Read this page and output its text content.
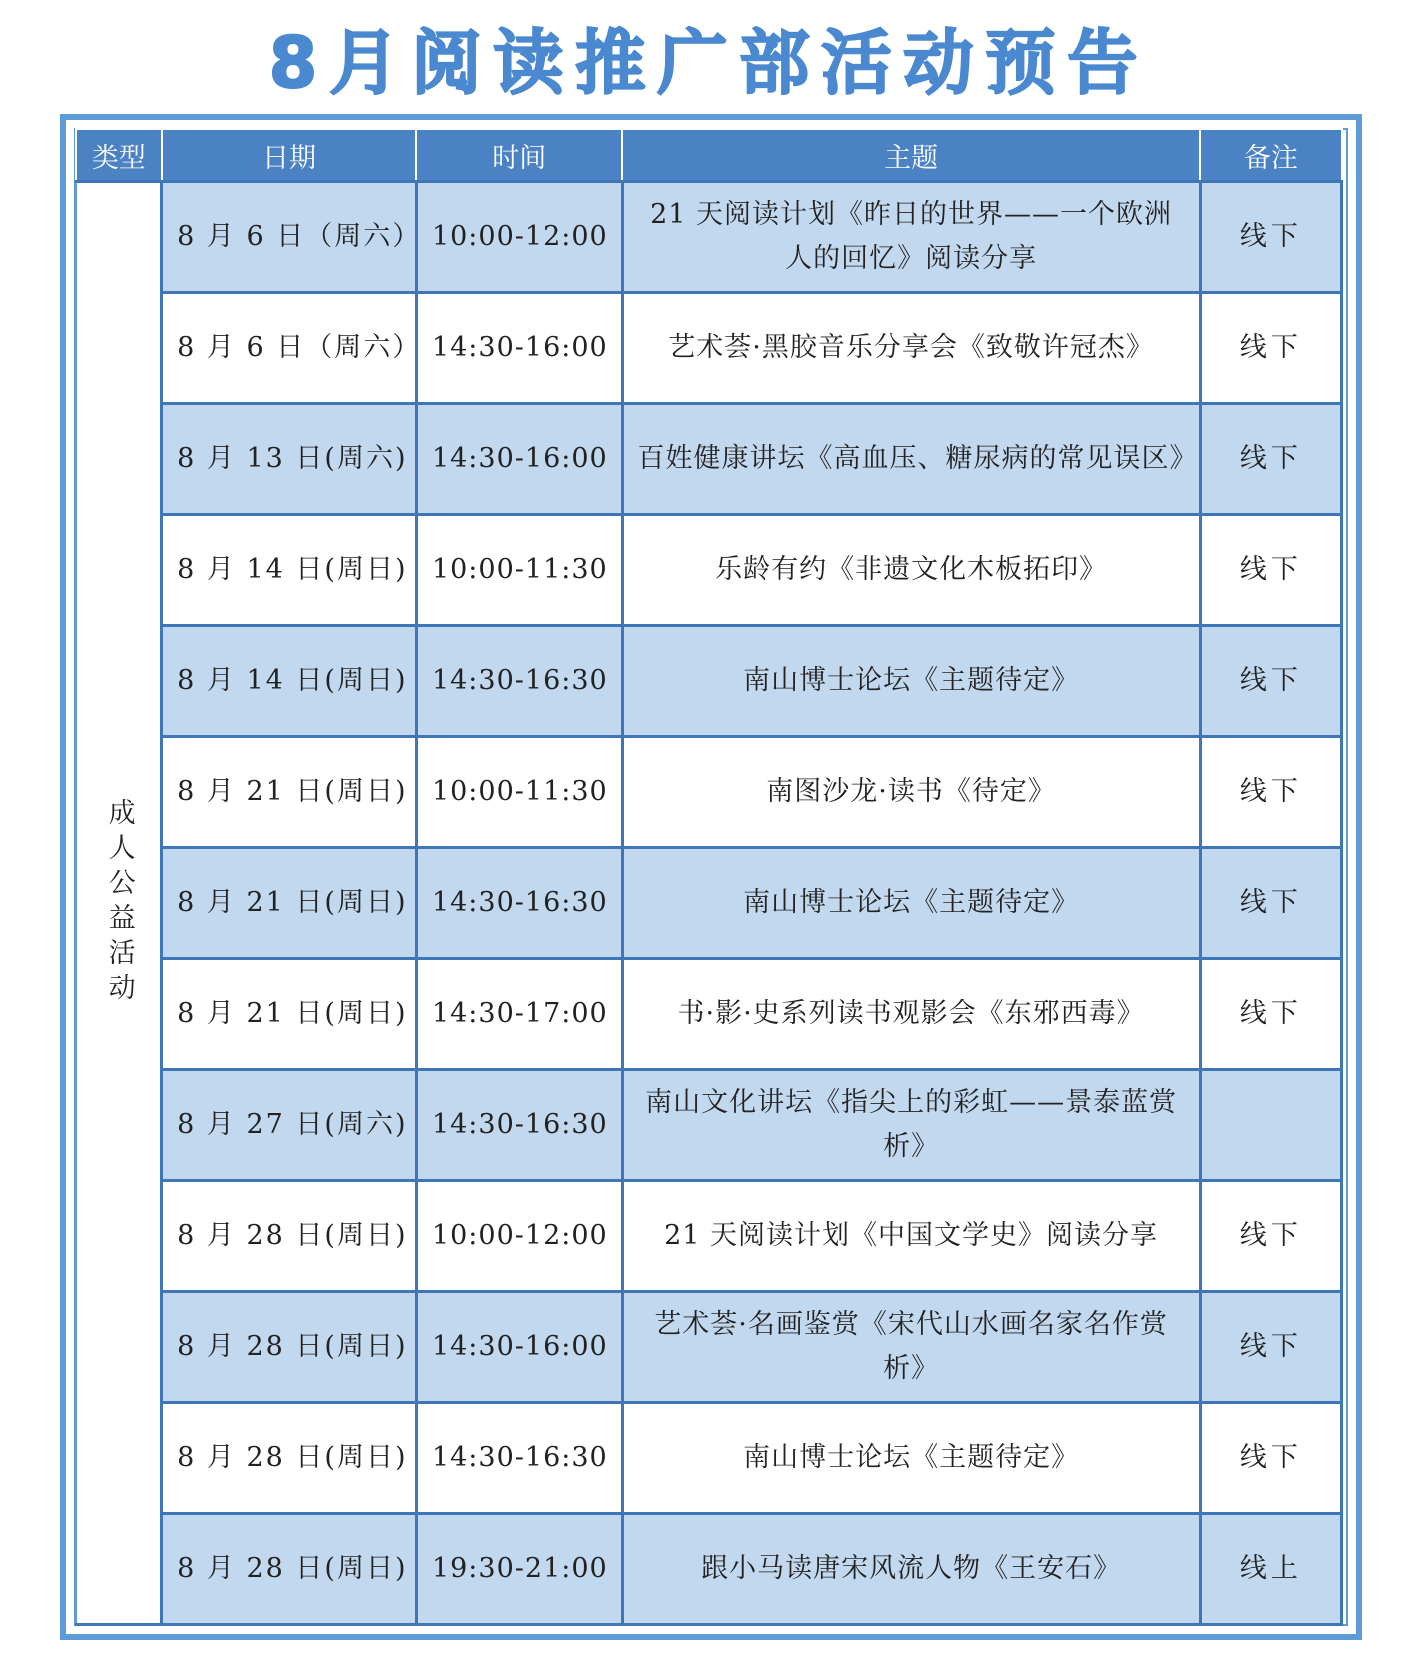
8月阅读推广部活动预告
类型	日期	时间	主题	备注
成人公益活动	8 月 6 日（周六）	10:00-12:00	21 天阅读计划《昨日的世界——一个欧洲人的回忆》阅读分享	线下
	8 月 6 日（周六）	14:30-16:00	艺术荟·黑胶音乐分享会《致敬许冠杰》	线下
	8 月 13 日(周六)	14:30-16:00	百姓健康讲坛《高血压、糖尿病的常见误区》	线下
	8 月 14 日(周日)	10:00-11:30	乐龄有约《非遗文化木板拓印》	线下
	8 月 14 日(周日)	14:30-16:30	南山博士论坛《主题待定》	线下
	8 月 21 日(周日)	10:00-11:30	南图沙龙·读书《待定》	线下
	8 月 21 日(周日)	14:30-16:30	南山博士论坛《主题待定》	线下
	8 月 21 日(周日)	14:30-17:00	书·影·史系列读书观影会《东邪西毒》	线下
	8 月 27 日(周六)	14:30-16:30	南山文化讲坛《指尖上的彩虹——景泰蓝赏析》	
	8 月 28 日(周日)	10:00-12:00	21 天阅读计划《中国文学史》阅读分享	线下
	8 月 28 日(周日)	14:30-16:00	艺术荟·名画鉴赏《宋代山水画名家名作赏析》	线下
	8 月 28 日(周日)	14:30-16:30	南山博士论坛《主题待定》	线下
	8 月 28 日(周日)	19:30-21:00	跟小马读唐宋风流人物《王安石》	线上
